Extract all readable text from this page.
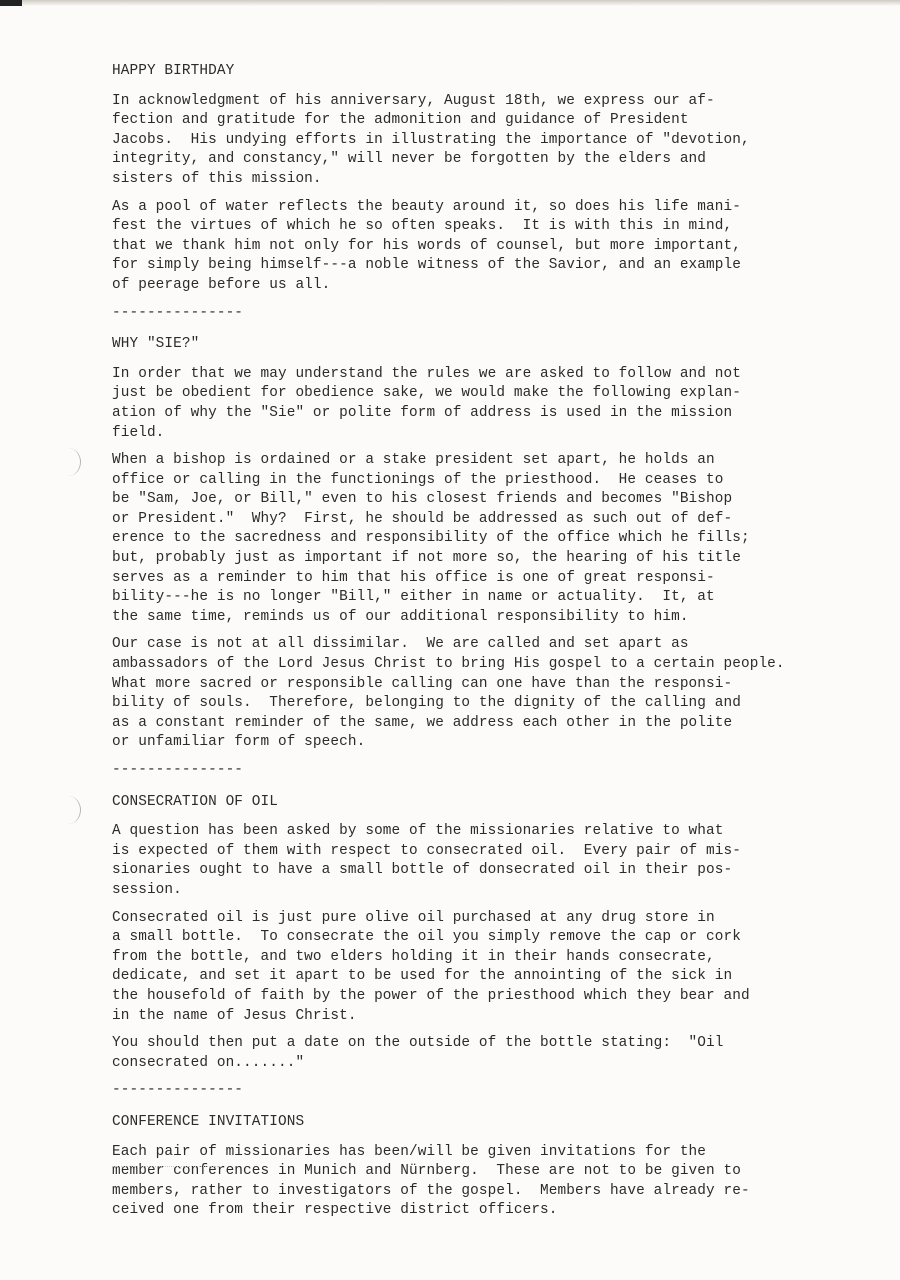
HAPPY BIRTHDAY
In acknowledgment of his anniversary, August 18th, we express our af-
fection and gratitude for the admonition and guidance of President
Jacobs.  His undying efforts in illustrating the importance of "devotion,
integrity, and constancy," will never be forgotten by the elders and
sisters of this mission.
As a pool of water reflects the beauty around it, so does his life mani-
fest the virtues of which he so often speaks.  It is with this in mind,
that we thank him not only for his words of counsel, but more important,
for simply being himself---a noble witness of the Savior, and an example
of peerage before us all.
---------------
WHY "SIE?"
In order that we may understand the rules we are asked to follow and not
just be obedient for obedience sake, we would make the following explan-
ation of why the "Sie" or polite form of address is used in the mission
field.
When a bishop is ordained or a stake president set apart, he holds an
office or calling in the functionings of the priesthood.  He ceases to
be "Sam, Joe, or Bill," even to his closest friends and becomes "Bishop
or President."  Why?  First, he should be addressed as such out of def-
erence to the sacredness and responsibility of the office which he fills;
but, probably just as important if not more so, the hearing of his title
serves as a reminder to him that his office is one of great responsi-
bility---he is no longer "Bill," either in name or actuality.  It, at
the same time, reminds us of our additional responsibility to him.
Our case is not at all dissimilar.  We are called and set apart as
ambassadors of the Lord Jesus Christ to bring His gospel to a certain people.
What more sacred or responsible calling can one have than the responsi-
bility of souls.  Therefore, belonging to the dignity of the calling and
as a constant reminder of the same, we address each other in the polite
or unfamiliar form of speech.
---------------
CONSECRATION OF OIL
A question has been asked by some of the missionaries relative to what
is expected of them with respect to consecrated oil.  Every pair of mis-
sionaries ought to have a small bottle of donsecrated oil in their pos-
session.
Consecrated oil is just pure olive oil purchased at any drug store in
a small bottle.  To consecrate the oil you simply remove the cap or cork
from the bottle, and two elders holding it in their hands consecrate,
dedicate, and set it apart to be used for the annointing of the sick in
the housefold of faith by the power of the priesthood which they bear and
in the name of Jesus Christ.
You should then put a date on the outside of the bottle stating:  "Oil
consecrated on......."
---------------
CONFERENCE INVITATIONS
Each pair of missionaries has been/will be given invitations for the
member conferences in Munich and Nürnberg.  These are not to be given to
members, rather to investigators of the gospel.  Members have already re-
ceived one from their respective district officers.
